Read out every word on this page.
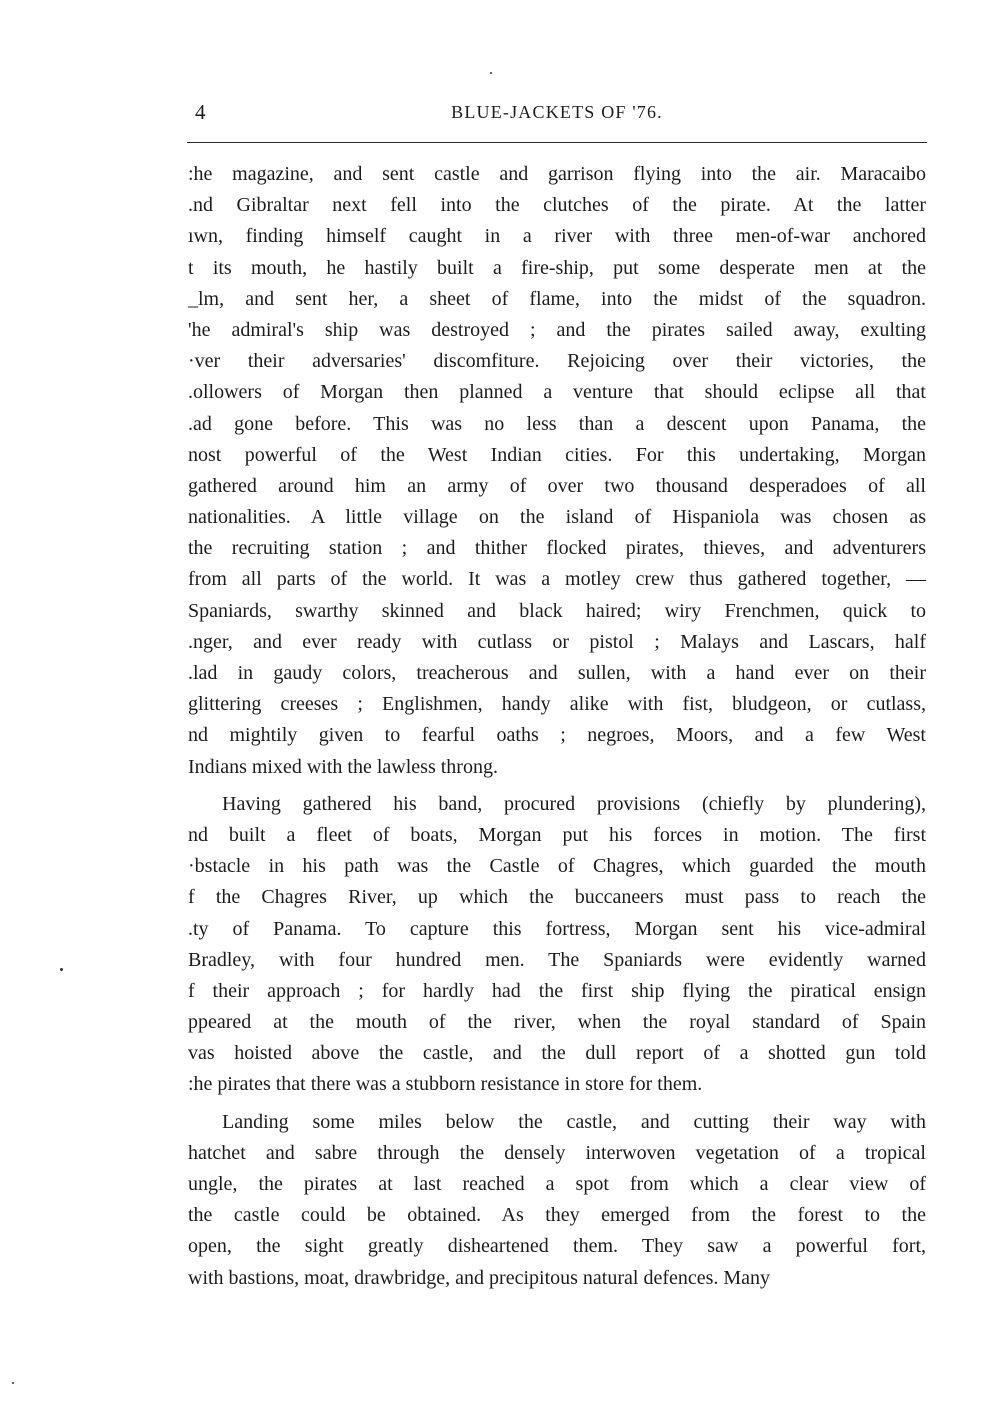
4	BLUE-JACKETS OF '76.

:he magazine, and sent castle and garrison flying into the air. Maracaibo
.nd Gibraltar next fell into the clutches of the pirate. At the latter
ıwn, finding himself caught in a river with three men-of-war anchored
t its mouth, he hastily built a fire-ship, put some desperate men at the
_lm, and sent her, a sheet of flame, into the midst of the squadron.
'he admiral's ship was destroyed ; and the pirates sailed away, exulting
·ver their adversaries' discomfiture. Rejoicing over their victories, the
.ollowers of Morgan then planned a venture that should eclipse all that
.ad gone before. This was no less than a descent upon Panama, the
nost powerful of the West Indian cities. For this undertaking, Morgan
gathered around him an army of over two thousand desperadoes of all
nationalities. A little village on the island of Hispaniola was chosen as
the recruiting station ; and thither flocked pirates, thieves, and adventurers
from all parts of the world. It was a motley crew thus gathered together, —
Spaniards, swarthy skinned and black haired; wiry Frenchmen, quick to
.nger, and ever ready with cutlass or pistol ; Malays and Lascars, half
.lad in gaudy colors, treacherous and sullen, with a hand ever on their
glittering creeses ; Englishmen, handy alike with fist, bludgeon, or cutlass,
nd mightily given to fearful oaths ; negroes, Moors, and a few West
Indians mixed with the lawless throng.

Having gathered his band, procured provisions (chiefly by plundering),
nd built a fleet of boats, Morgan put his forces in motion. The first
·bstacle in his path was the Castle of Chagres, which guarded the mouth
f the Chagres River, up which the buccaneers must pass to reach the
.ty of Panama. To capture this fortress, Morgan sent his vice-admiral
Bradley, with four hundred men. The Spaniards were evidently warned
f their approach ; for hardly had the first ship flying the piratical ensign
ppeared at the mouth of the river, when the royal standard of Spain
vas hoisted above the castle, and the dull report of a shotted gun told
:he pirates that there was a stubborn resistance in store for them.

Landing some miles below the castle, and cutting their way with
hatchet and sabre through the densely interwoven vegetation of a tropical
ungle, the pirates at last reached a spot from which a clear view of
the castle could be obtained. As they emerged from the forest to the
open, the sight greatly disheartened them. They saw a powerful fort,
with bastions, moat, drawbridge, and precipitous natural defences. Many
